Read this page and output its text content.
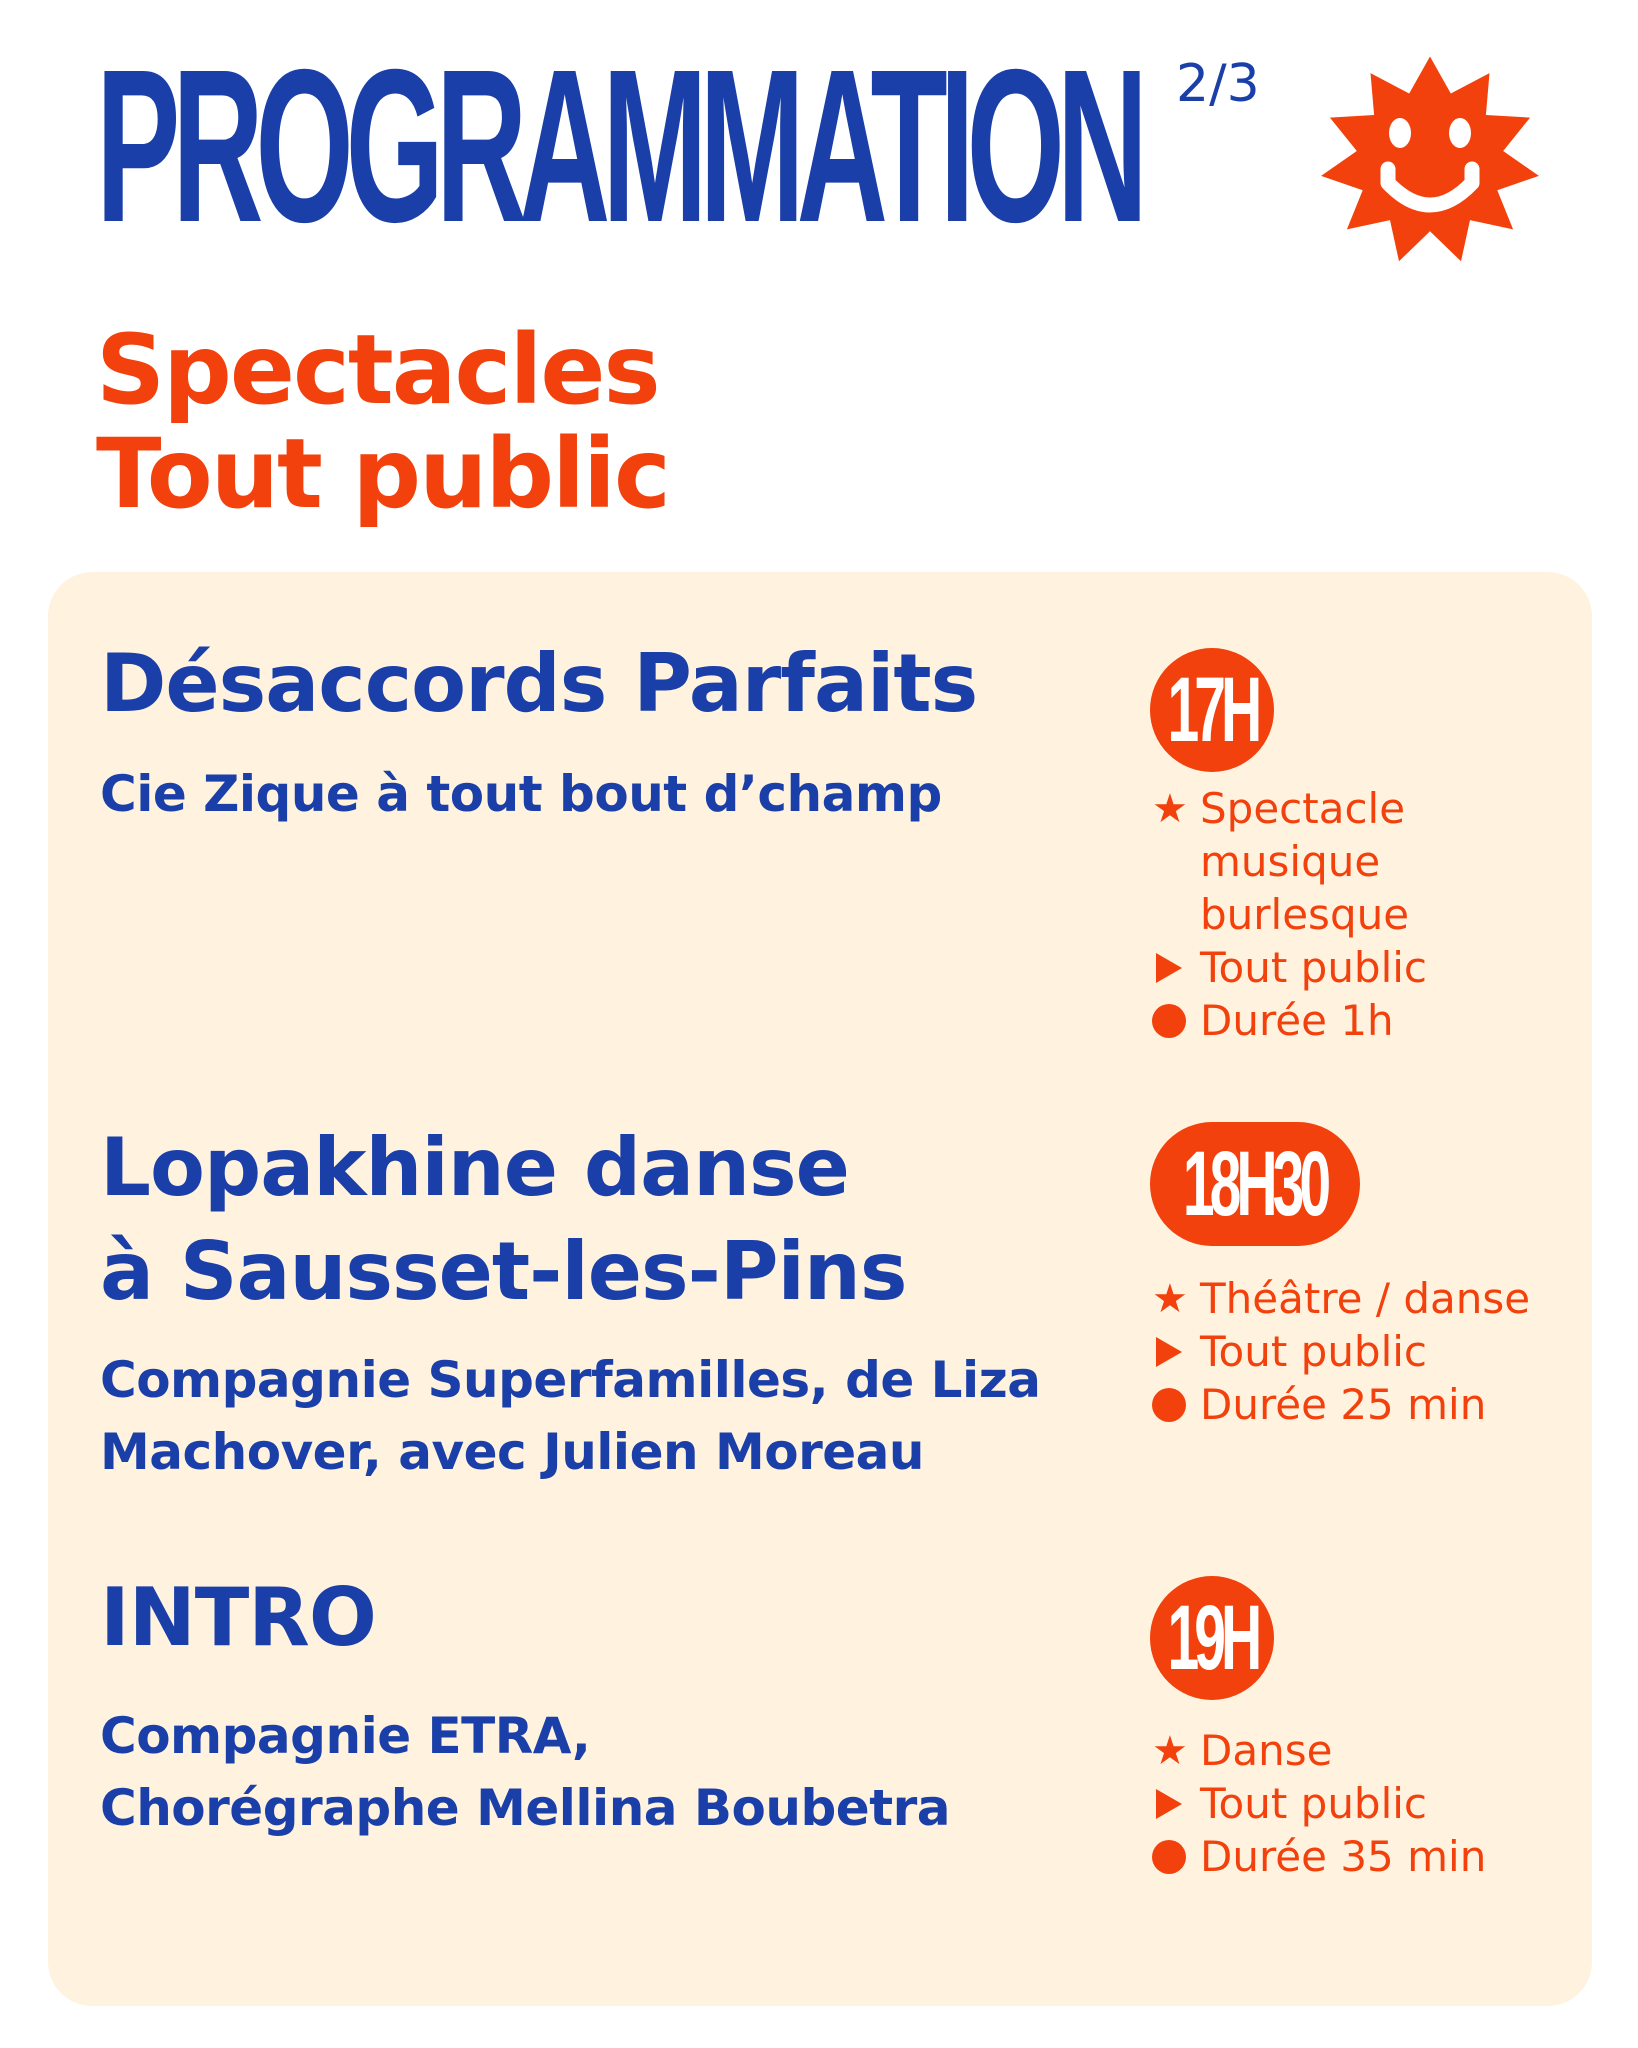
PROGRAMMATION 2/3
Spectacles
Tout public
Désaccords Parfaits

Cie Zique à tout bout d’champ

17H
★ Spectacle
musique
burlesque
Tout public
Durée 1h
Lopakhine danse
à Sausset-les-Pins

Compagnie Superfamilles, de Liza
Machover, avec Julien Moreau

18H30
★ Théâtre / danse
Tout public
Durée 25 min
INTRO

Compagnie ETRA,
Chorégraphe Mellina Boubetra

19H
★ Danse
Tout public
Durée 35 min
